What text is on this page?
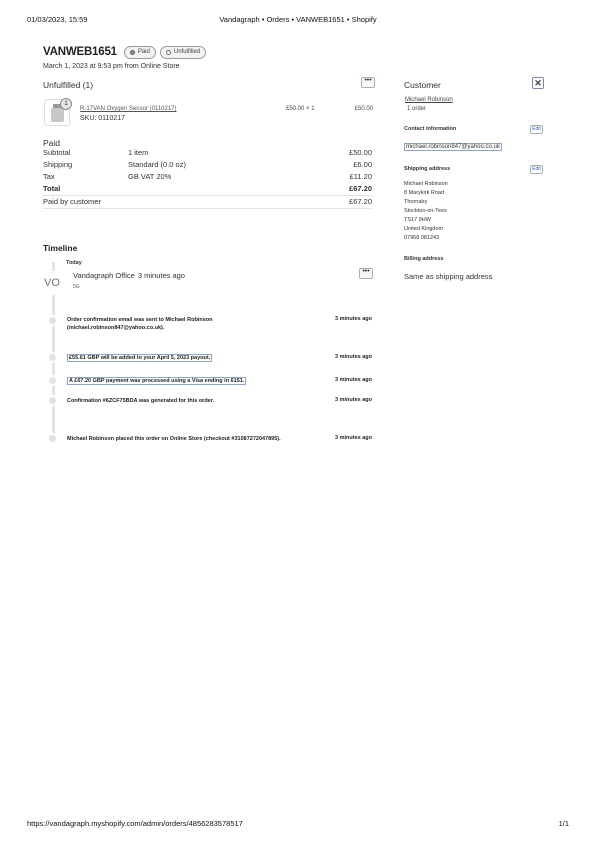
01/03/2023, 15:59	Vandagraph • Orders • VANWEB1651 • Shopify
VANWEB1651	Paid	Unfulfilled
March 1, 2023 at 9:53 pm from Online Store
Unfulfilled (1)	•••
1
R-17VAN Oxygen Sensor (0110217)
SKU: 0110217
£50.00 × 1	£50.00
Paid
Subtotal	1 item	£50.00
Shipping	Standard (0.0 oz)	£6.00
Tax	GB VAT 20%	£11.20
Total	£67.20
Paid by customer	£67.20
Customer	✕
Michael Robinson
1 order
Contact information	Edit
michael.robinson847@yahoo.co.uk
Shipping address	Edit
Michael Robinson
8 Marykirk Road
Thornaby
Stockton-on-Tees
TS17 9HW
United Kingdom
07968 081243
Billing address
Same as shipping address
Timeline
Today
VO
Vandagraph Office 3 minutes ago
5G
•••
Order confirmation email was sent to Michael Robinson (michael.robinson847@yahoo.co.uk).
3 minutes ago
£55.61 GBP will be added to your April 5, 2023 payout.	3 minutes ago
A £67.20 GBP payment was processed using a Visa ending in 6151.	3 minutes ago
Confirmation #6ZCF75BDA was generated for this order.	3 minutes ago
Michael Robinson placed this order on Online Store (checkout #31087272047895).	3 minutes ago
https://vandagraph.myshopify.com/admin/orders/4856283578517	1/1
